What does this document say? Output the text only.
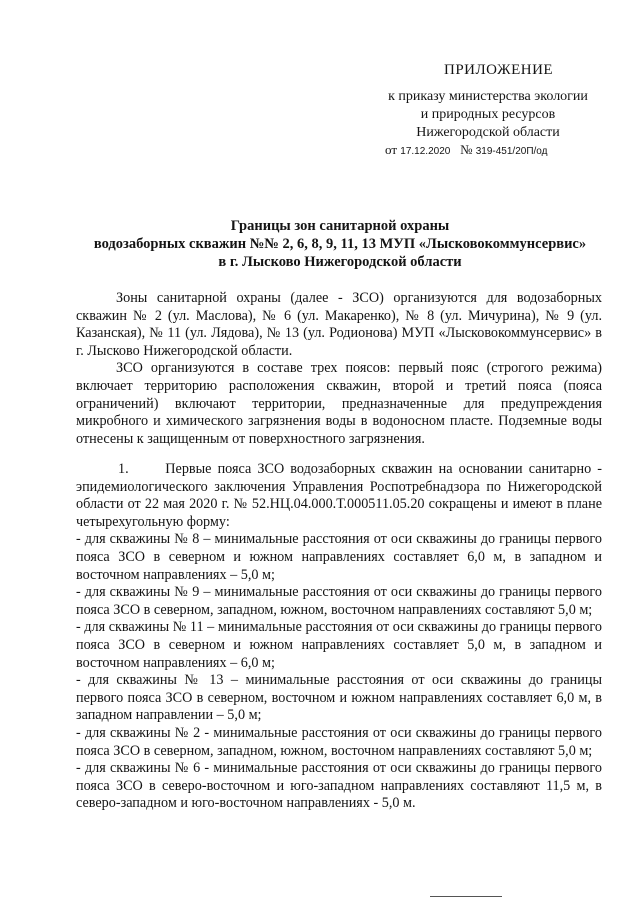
ПРИЛОЖЕНИЕ
к приказу министерства экологии
и природных ресурсов
Нижегородской области
от 17.12.2020 № 319-451/20П/од
Границы зон санитарной охраны
водозаборных скважин №№ 2, 6, 8, 9, 11, 13 МУП «Лысковокоммунсервис»
в г. Лысково Нижегородской области
Зоны санитарной охраны (далее - ЗСО) организуются для водозаборных скважин № 2 (ул. Маслова), № 6 (ул. Макаренко), № 8 (ул. Мичурина), № 9 (ул. Казанская), № 11 (ул. Лядова), № 13 (ул. Родионова) МУП «Лысковокоммунсервис» в г. Лысково Нижегородской области.
ЗСО организуются в составе трех поясов: первый пояс (строгого режима) включает территорию расположения скважин, второй и третий пояса (пояса ограничений) включают территории, предназначенные для предупреждения микробного и химического загрязнения воды в водоносном пласте. Подземные воды отнесены к защищенным от поверхностного загрязнения.
1.      Первые пояса ЗСО водозаборных скважин на основании санитарно - эпидемиологического заключения Управления Роспотребнадзора по Нижегородской области от 22 мая 2020 г. № 52.НЦ.04.000.Т.000511.05.20 сокращены и имеют в плане четырехугольную форму:
- для скважины № 8 – минимальные расстояния от оси скважины до границы первого пояса ЗСО в северном и южном направлениях составляет 6,0 м, в западном и восточном направлениях – 5,0 м;
- для скважины № 9 – минимальные расстояния от оси скважины до границы первого пояса ЗСО в северном, западном, южном, восточном направлениях составляют 5,0 м;
- для скважины № 11 – минимальные расстояния от оси скважины до границы первого пояса ЗСО в северном и южном направлениях составляет 5,0 м, в западном и восточном направлениях – 6,0 м;
- для скважины № 13 – минимальные расстояния от оси скважины до границы первого пояса ЗСО в северном, восточном и южном направлениях составляет 6,0 м, в западном направлении – 5,0 м;
- для скважины № 2 - минимальные расстояния от оси скважины до границы первого пояса ЗСО в северном, западном, южном, восточном направлениях составляют 5,0 м;
- для скважины № 6 - минимальные расстояния от оси скважины до границы первого пояса ЗСО в северо-восточном и юго-западном направлениях составляют 11,5 м, в северо-западном и юго-восточном направлениях - 5,0 м.
